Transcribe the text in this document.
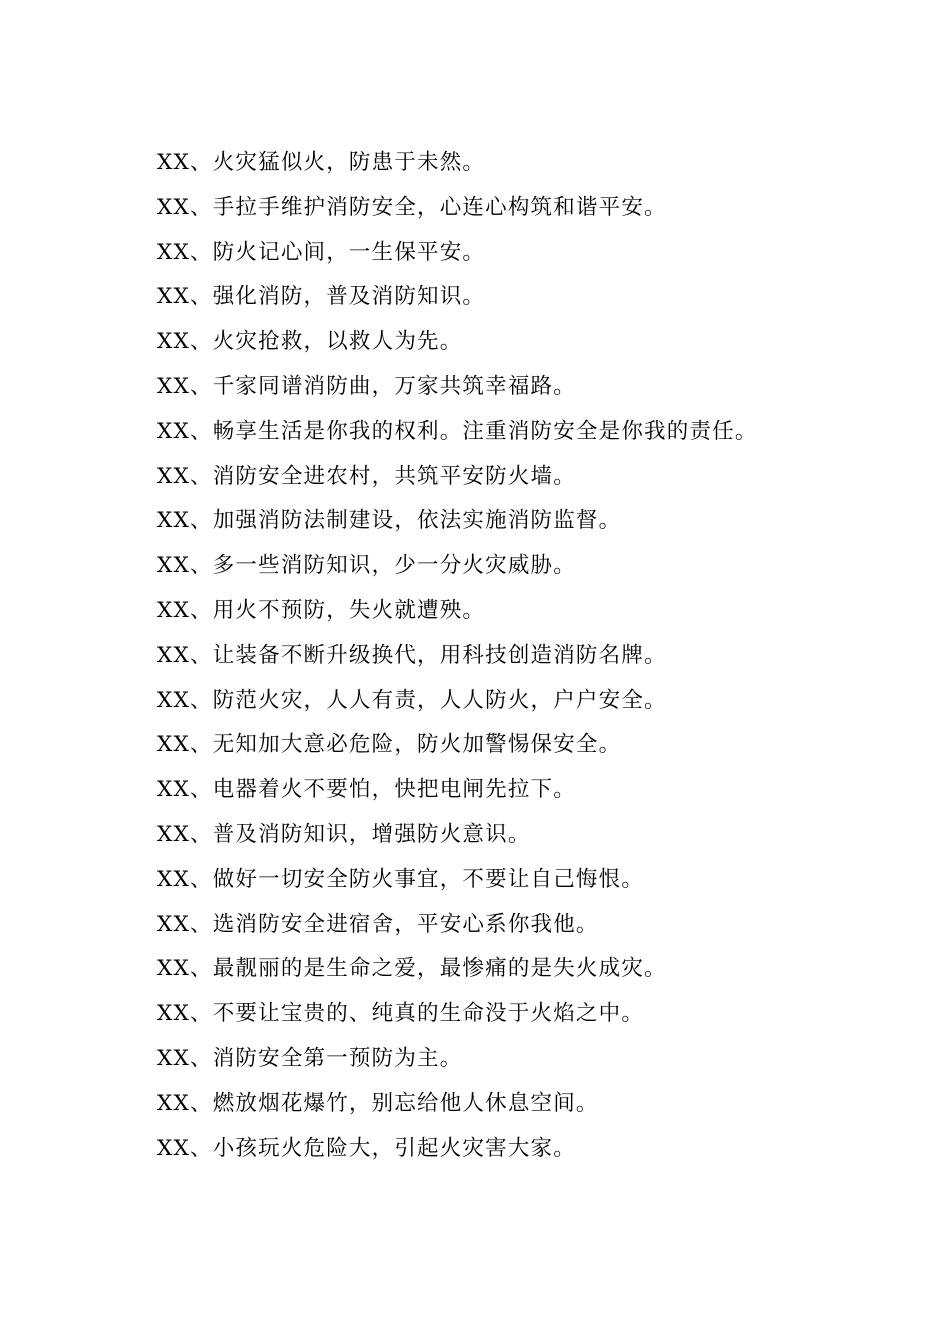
XX、火灾猛似火，防患于未然。
XX、手拉手维护消防安全，心连心构筑和谐平安。
XX、防火记心间，一生保平安。
XX、强化消防，普及消防知识。
XX、火灾抢救，以救人为先。
XX、千家同谱消防曲，万家共筑幸福路。
XX、畅享生活是你我的权利。注重消防安全是你我的责任。
XX、消防安全进农村，共筑平安防火墙。
XX、加强消防法制建设，依法实施消防监督。
XX、多一些消防知识，少一分火灾威胁。
XX、用火不预防，失火就遭殃。
XX、让装备不断升级换代，用科技创造消防名牌。
XX、防范火灾，人人有责，人人防火，户户安全。
XX、无知加大意必危险，防火加警惕保安全。
XX、电器着火不要怕，快把电闸先拉下。
XX、普及消防知识，增强防火意识。
XX、做好一切安全防火事宜，不要让自己悔恨。
XX、选消防安全进宿舍，平安心系你我他。
XX、最靓丽的是生命之爱，最惨痛的是失火成灾。
XX、不要让宝贵的、纯真的生命没于火焰之中。
XX、消防安全第一预防为主。
XX、燃放烟花爆竹，别忘给他人休息空间。
XX、小孩玩火危险大，引起火灾害大家。
